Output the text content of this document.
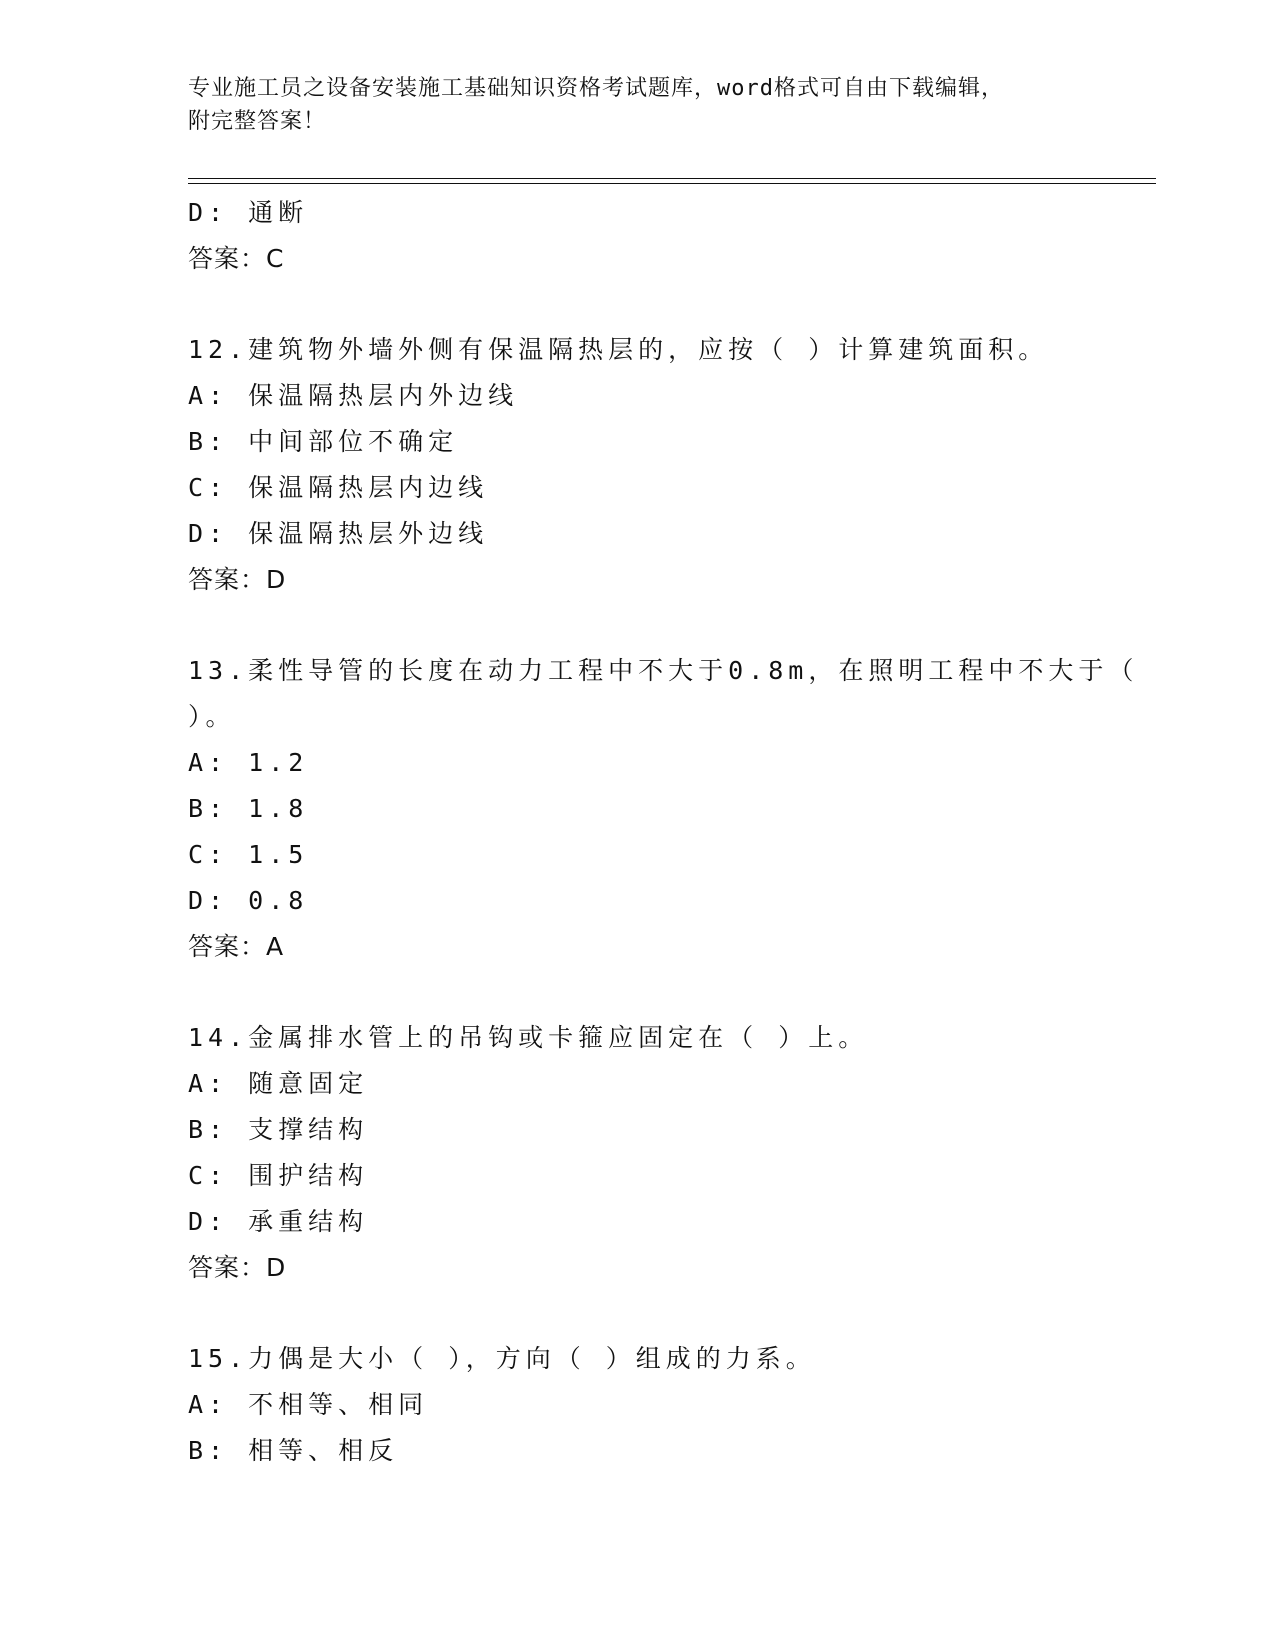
专业施工员之设备安装施工基础知识资格考试题库，word格式可自由下载编辑，
附完整答案！
D: 通断
答案：C
12.建筑物外墙外侧有保温隔热层的，应按（ ）计算建筑面积。
A: 保温隔热层内外边线
B: 中间部位不确定
C: 保温隔热层内边线
D: 保温隔热层外边线
答案：D
13.柔性导管的长度在动力工程中不大于0.8m，在照明工程中不大于（
）。
A: 1.2
B: 1.8
C: 1.5
D: 0.8
答案：A
14.金属排水管上的吊钩或卡箍应固定在（ ）上。
A: 随意固定
B: 支撑结构
C: 围护结构
D: 承重结构
答案：D
15.力偶是大小（ ），方向（ ）组成的力系。
A: 不相等、相同
B: 相等、相反
